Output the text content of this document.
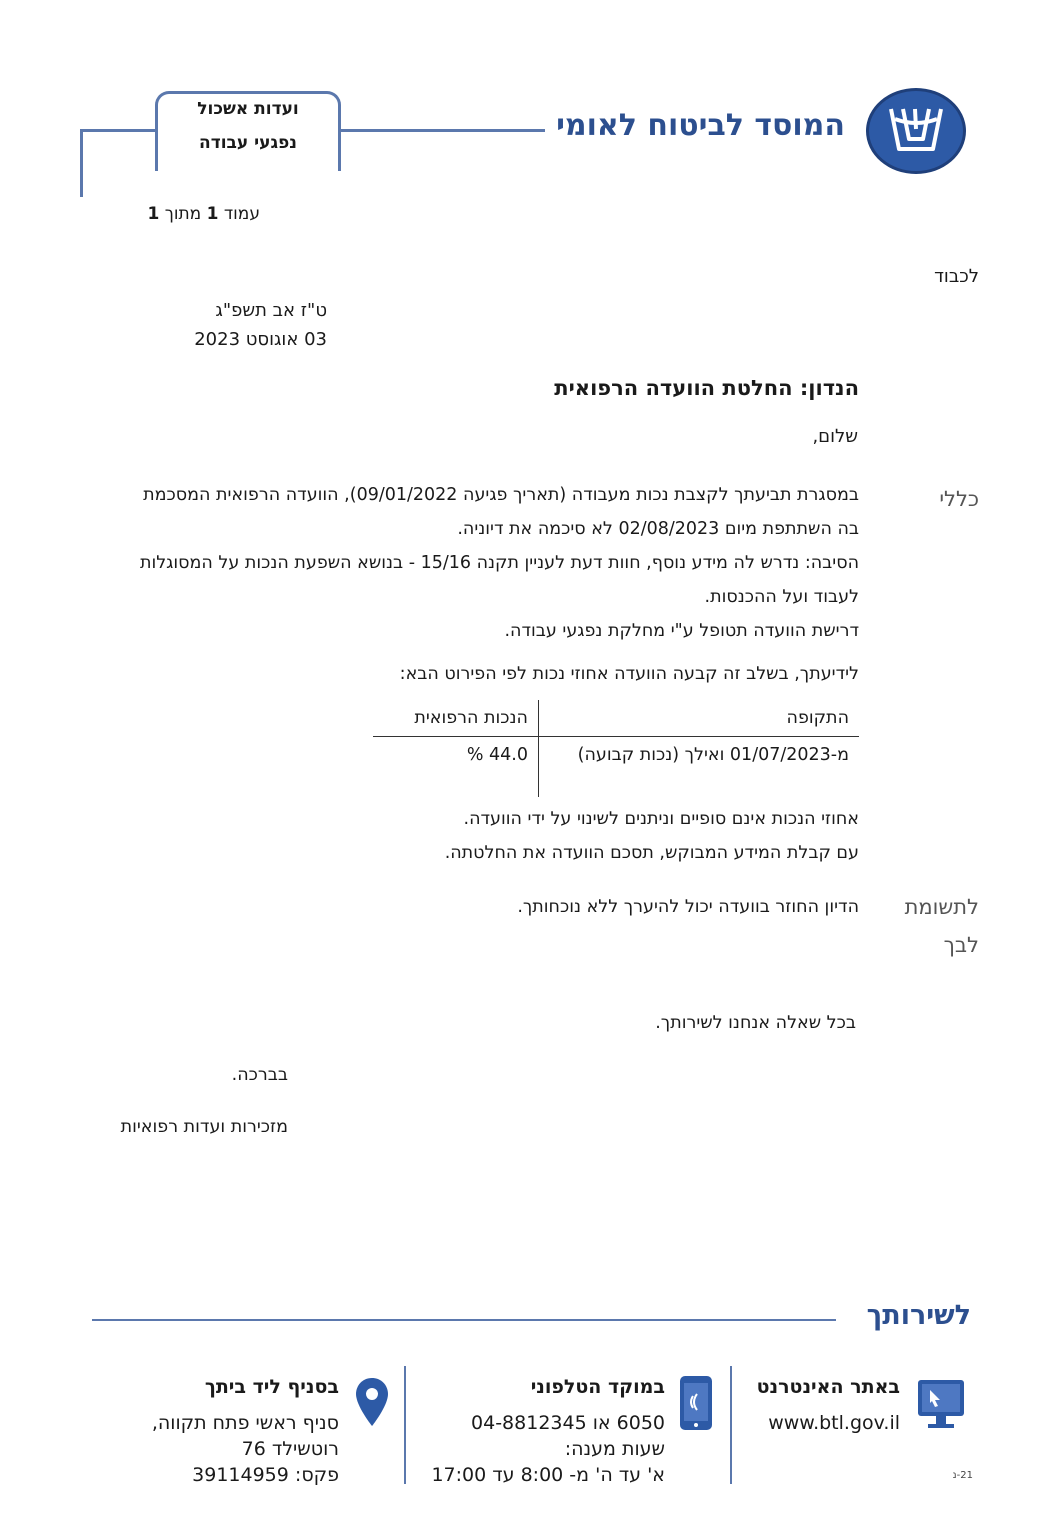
המוסד לביטוח לאומי
ועדות אשכול
נפגעי עבודה
עמוד 1 מתוך 1
לכבוד
ט"ז אב תשפ"ג
03 אוגוסט 2023
הנדון: החלטת הוועדה הרפואית
שלום,
כללי
במסגרת תביעתך לקצבת נכות מעבודה (תאריך פגיעה 09/01/2022), הוועדה הרפואית המסכמת בה השתתפת מיום 02/08/2023 לא סיכמה את דיוניה.
הסיבה: נדרש לה מידע נוסף, חוות דעת לעניין תקנה 15/16 - בנושא השפעת הנכות על המסוגלות לעבוד ועל ההכנסות.
דרישת הוועדה תטופל ע"י מחלקת נפגעי עבודה.
לידיעתך, בשלב זה קבעה הוועדה אחוזי נכות לפי הפירוט הבא:
התקופה	הנכות הרפואית
מ-01/07/2023 ואילך (נכות קבועה)	44.0 %

אחוזי הנכות אינם סופיים וניתנים לשינוי על ידי הוועדה.
עם קבלת המידע המבוקש, תסכם הוועדה את החלטתה.
לתשומת לבך
הדיון החוזר בוועדה יכול להיערך ללא נוכחותך.
בכל שאלה אנחנו לשירותך.
בברכה.
מזכירות ועדות רפואיות
לשירותך
באתר האינטרנט
www.btl.gov.il
21-נ
במוקד הטלפוני
6050 או 04-8812345
שעות מענה:
א' עד ה' מ- 8:00 עד 17:00
בסניף ליד ביתך
סניף ראשי פתח תקווה,
רוטשילד 76
פקס: 39114959
